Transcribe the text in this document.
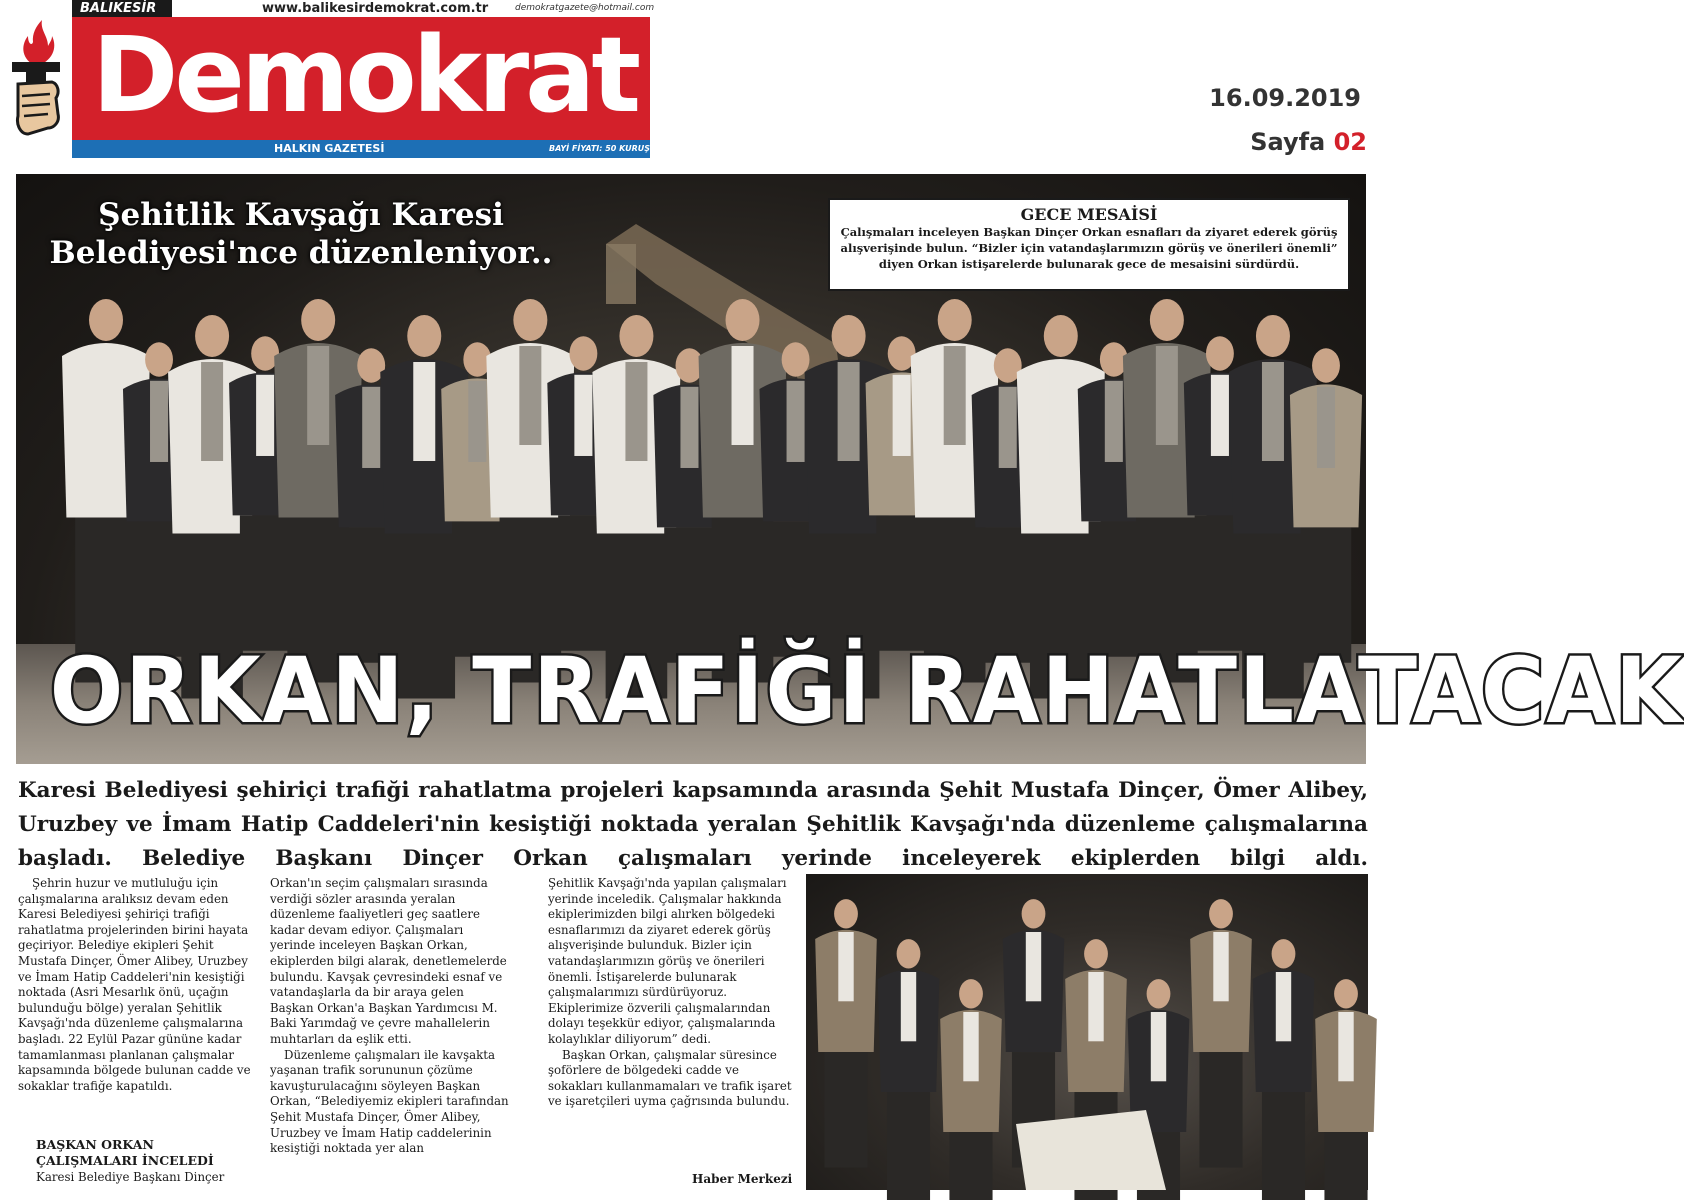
BALIKESİR	www.balikesirdemokrat.com.tr	demokratgazete@hotmail.com
Demokrat
HALKIN GAZETESİ	BAYİ FİYATI: 50 KURUŞ
16.09.2019
Sayfa 02
Şehitlik Kavşağı Karesi Belediyesi'nce düzenleniyor..
GECE MESAİSİ
Çalışmaları inceleyen Başkan Dinçer Orkan esnafları da ziyaret ederek görüş alışverişinde bulun. “Bizler için vatandaşlarımızın görüş ve önerileri önemli” diyen Orkan istişarelerde bulunarak gece de mesaisini sürdürdü.
ORKAN, TRAFİĞİ RAHATLATACAK
Karesi Belediyesi şehiriçi trafiği rahatlatma projeleri kapsamında arasında Şehit Mustafa Dinçer, Ömer Alibey, Uruzbey ve İmam Hatip Caddeleri'nin kesiştiği noktada yeralan Şehitlik Kavşağı'nda düzenleme çalışmalarına başladı. Belediye Başkanı Dinçer Orkan çalışmaları yerinde inceleyerek ekiplerden bilgi aldı.

Şehrin huzur ve mutluluğu için çalışmalarına aralıksız devam eden Karesi Belediyesi şehiriçi trafiği rahatlatma projelerinden birini hayata geçiriyor. Belediye ekipleri Şehit Mustafa Dinçer, Ömer Alibey, Uruzbey ve İmam Hatip Caddeleri'nin kesiştiği noktada (Asri Mesarlık önü, uçağın bulunduğu bölge) yeralan Şehitlik Kavşağı'nda düzenleme çalışmalarına başladı. 22 Eylül Pazar gününe kadar tamamlanması planlanan çalışmalar kapsamında bölgede bulunan cadde ve sokaklar trafiğe kapatıldı.

BAŞKAN ORKAN
ÇALIŞMALARI İNCELEDİ
Karesi Belediye Başkanı Dinçer

Orkan'ın seçim çalışmaları sırasında verdiği sözler arasında yeralan düzenleme faaliyetleri geç saatlere kadar devam ediyor. Çalışmaları yerinde inceleyen Başkan Orkan, ekiplerden bilgi alarak, denetlemelerde bulundu. Kavşak çevresindeki esnaf ve vatandaşlarla da bir araya gelen Başkan Orkan'a Başkan Yardımcısı M. Baki Yarımdağ ve çevre mahallelerin muhtarları da eşlik etti.

Düzenleme çalışmaları ile kavşakta yaşanan trafik sorununun çözüme kavuşturulacağını söyleyen Başkan Orkan, “Belediyemiz ekipleri tarafından Şehit Mustafa Dinçer, Ömer Alibey, Uruzbey ve İmam Hatip caddelerinin kesiştiği noktada yer alan

Şehitlik Kavşağı'nda yapılan çalışmaları yerinde inceledik. Çalışmalar hakkında ekiplerimizden bilgi alırken bölgedeki esnaflarımızı da ziyaret ederek görüş alışverişinde bulunduk. Bizler için vatandaşlarımızın görüş ve önerileri önemli. İstişarelerde bulunarak çalışmalarımızı sürdürüyoruz. Ekiplerimize özverili çalışmalarından dolayı teşekkür ediyor, çalışmalarında kolaylıklar diliyorum” dedi.

Başkan Orkan, çalışmalar süresince şoförlere de bölgedeki cadde ve sokakları kullanmamaları ve trafik işaret ve işaretçileri uyma çağrısında bulundu.

Haber Merkezi
